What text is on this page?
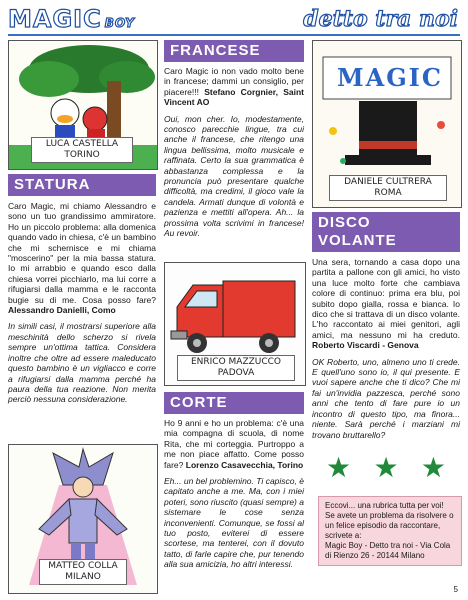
MAGIC BOY	detto tra noi
LUCA CASTELLA
TORINO
STATURA

Caro Magic, mi chiamo Alessandro e sono un tuo grandissimo ammiratore. Ho un piccolo problema: alla domenica quando vado in chiesa, c'è un bambino che mi schernisce e mi chiama "moscerino" per la mia bassa statura. Io mi arrabbio e quando esco dalla chiesa vorrei picchiarlo, ma lui corre a rifugiarsi dalla mamma e le racconta bugie su di me. Cosa posso fare? Alessandro Danielli, Como

In simili casi, il mostrarsi superiore alla meschinità dello scherzo si rivela sempre un'ottima tattica. Considera inoltre che oltre ad essere maleducato questo bambino è un vigliacco e corre a rifugiarsi dalla mamma perché ha paura della tua reazione. Non merita perciò nessuna considerazione.

MATTEO COLLA
MILANO
FRANCESE

Caro Magic io non vado molto bene in francese; dammi un consiglio, per piacere!!! Stefano Corgnier, Saint Vincent AO

Oui, mon cher. Io, modestamente, conosco parecchie lingue, tra cui anche il francese, che ritengo una lingua bellissima, molto musicale e raffinata. Certo la sua grammatica è abbastanza complessa e la pronuncia può presentare qualche difficoltà, ma credimi, il gioco vale la candela. Armati dunque di volontà e pazienza e mettiti all'opera. Ah... la prossima volta scrivimi in francese! Au revoir.

ENRICO MAZZUCCO
PADOVA
CORTE

Ho 9 anni e ho un problema: c'è una mia compagna di scuola, di nome Rita, che mi corteggia. Purtroppo a me non piace affatto. Come posso fare? Lorenzo Casavecchia, Torino

Eh... un bel problemino. Ti capisco, è capitato anche a me. Ma, con i miei poteri, sono riuscito (quasi sempre) a sistemare le cose senza inconvenienti. Comunque, se fossi al tuo posto, eviterei di essere scortese, ma tenterei, con il dovuto tatto, di farle capire che, pur tenendo alla sua amicizia, ho altri interessi.

MAGIC
DANIELE CULTRERA
ROMA
DISCO
VOLANTE

Una sera, tornando a casa dopo una partita a pallone con gli amici, ho visto una luce molto forte che cambiava colore di continuo: prima era blu, poi subito dopo gialla, rossa e bianca. Io dico che si trattava di un disco volante. L'ho raccontato ai miei genitori, agli amici, ma nessuno mi ha creduto. Roberto Viscardi - Genova

OK Roberto, uno, almeno uno ti crede. E quell'uno sono io, il qui presente. E vuoi sapere anche che ti dico? Che mi fai un'invidia pazzesca, perché sono anni che tento di fare pure io un incontro di questo tipo, ma finora... niente. Sarà perché i marziani mi trovano bruttarello?

★ ★ ★
Eccovi... una rubrica tutta per voi! Se avete un problema da risolvere o un felice episodio da raccontare, scrivete a:
Magic Boy - Detto tra noi - Via Cola di Rienzo 26 - 20144 Milano
5
